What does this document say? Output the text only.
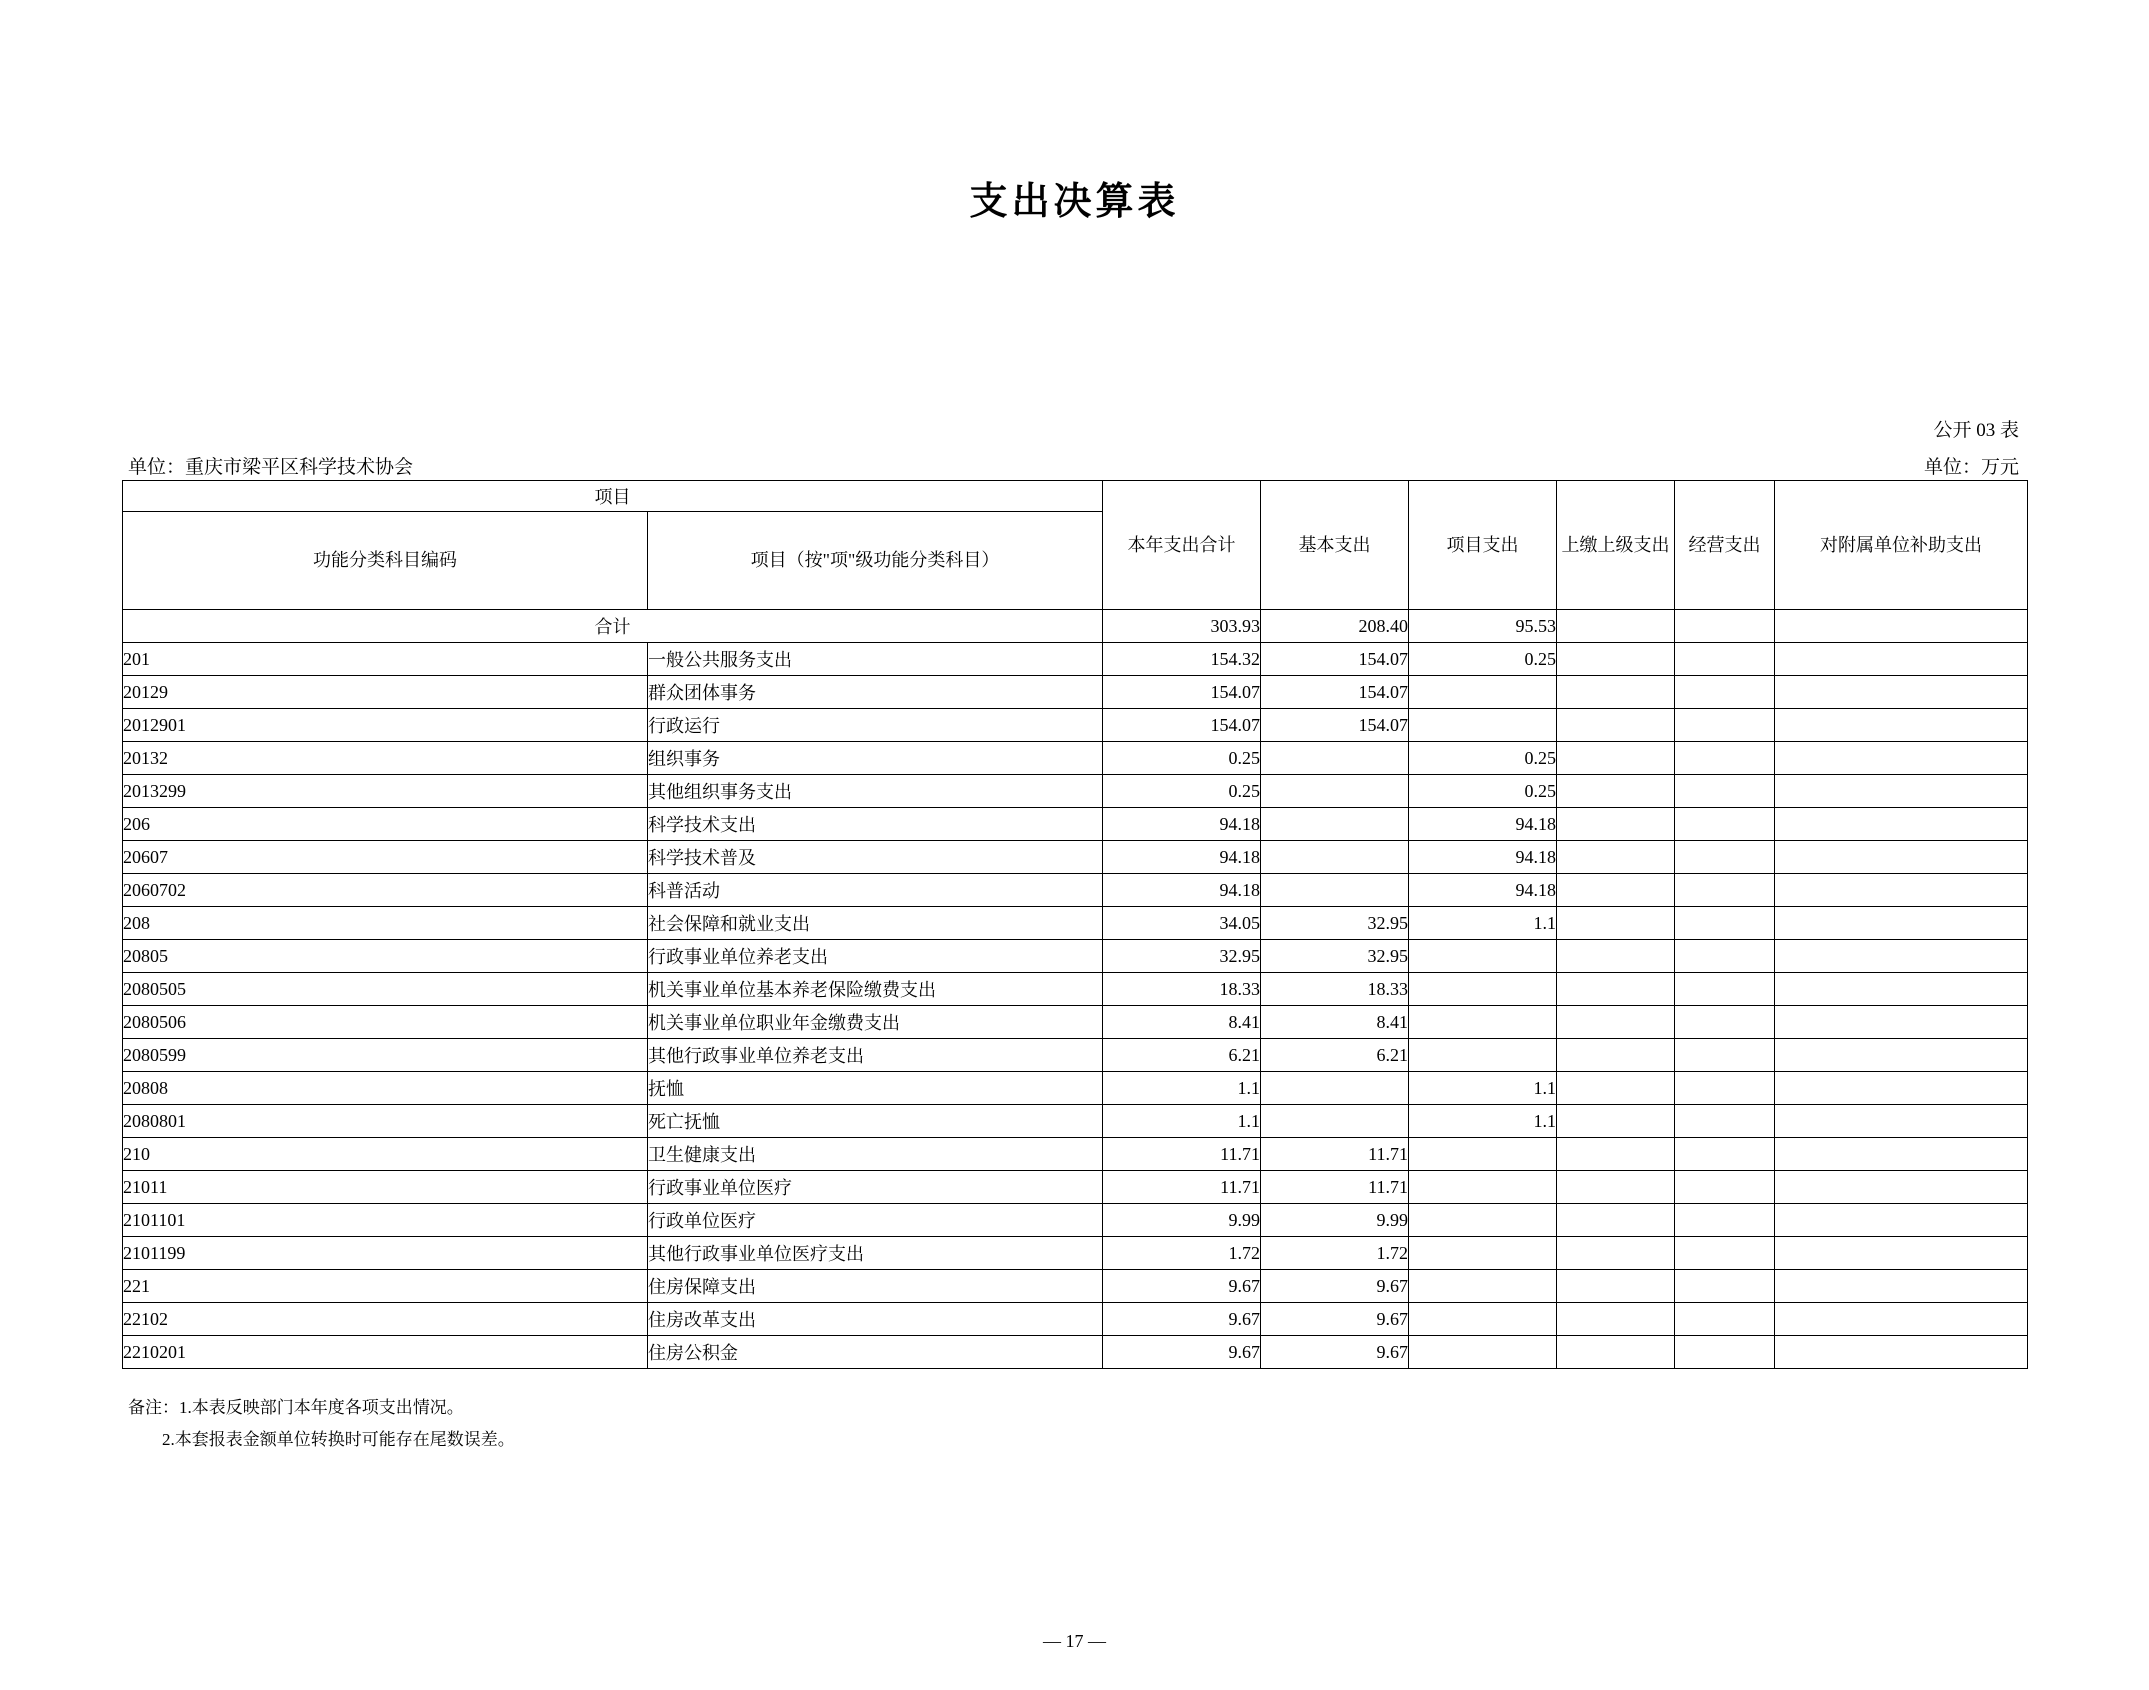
支出决算表
公开 03 表
单位：万元
单位：重庆市梁平区科学技术协会
项目		本年支出合计	基本支出	项目支出	上缴上级支出	经营支出	对附属单位补助支出
功能分类科目编码	项目（按"项"级功能分类科目）						
合计		303.93	208.40	95.53			
201	一般公共服务支出	154.32	154.07	0.25			
20129	群众团体事务	154.07	154.07				
2012901	行政运行	154.07	154.07				
20132	组织事务	0.25		0.25			
2013299	其他组织事务支出	0.25		0.25			
206	科学技术支出	94.18		94.18			
20607	科学技术普及	94.18		94.18			
2060702	科普活动	94.18		94.18			
208	社会保障和就业支出	34.05	32.95	1.1			
20805	行政事业单位养老支出	32.95	32.95				
2080505	机关事业单位基本养老保险缴费支出	18.33	18.33				
2080506	机关事业单位职业年金缴费支出	8.41	8.41				
2080599	其他行政事业单位养老支出	6.21	6.21				
20808	抚恤	1.1		1.1			
2080801	死亡抚恤	1.1		1.1			
210	卫生健康支出	11.71	11.71				
21011	行政事业单位医疗	11.71	11.71				
2101101	行政单位医疗	9.99	9.99				
2101199	其他行政事业单位医疗支出	1.72	1.72				
221	住房保障支出	9.67	9.67				
22102	住房改革支出	9.67	9.67				
2210201	住房公积金	9.67	9.67				
备注：1.本表反映部门本年度各项支出情况。
2.本套报表金额单位转换时可能存在尾数误差。
— 17 —
